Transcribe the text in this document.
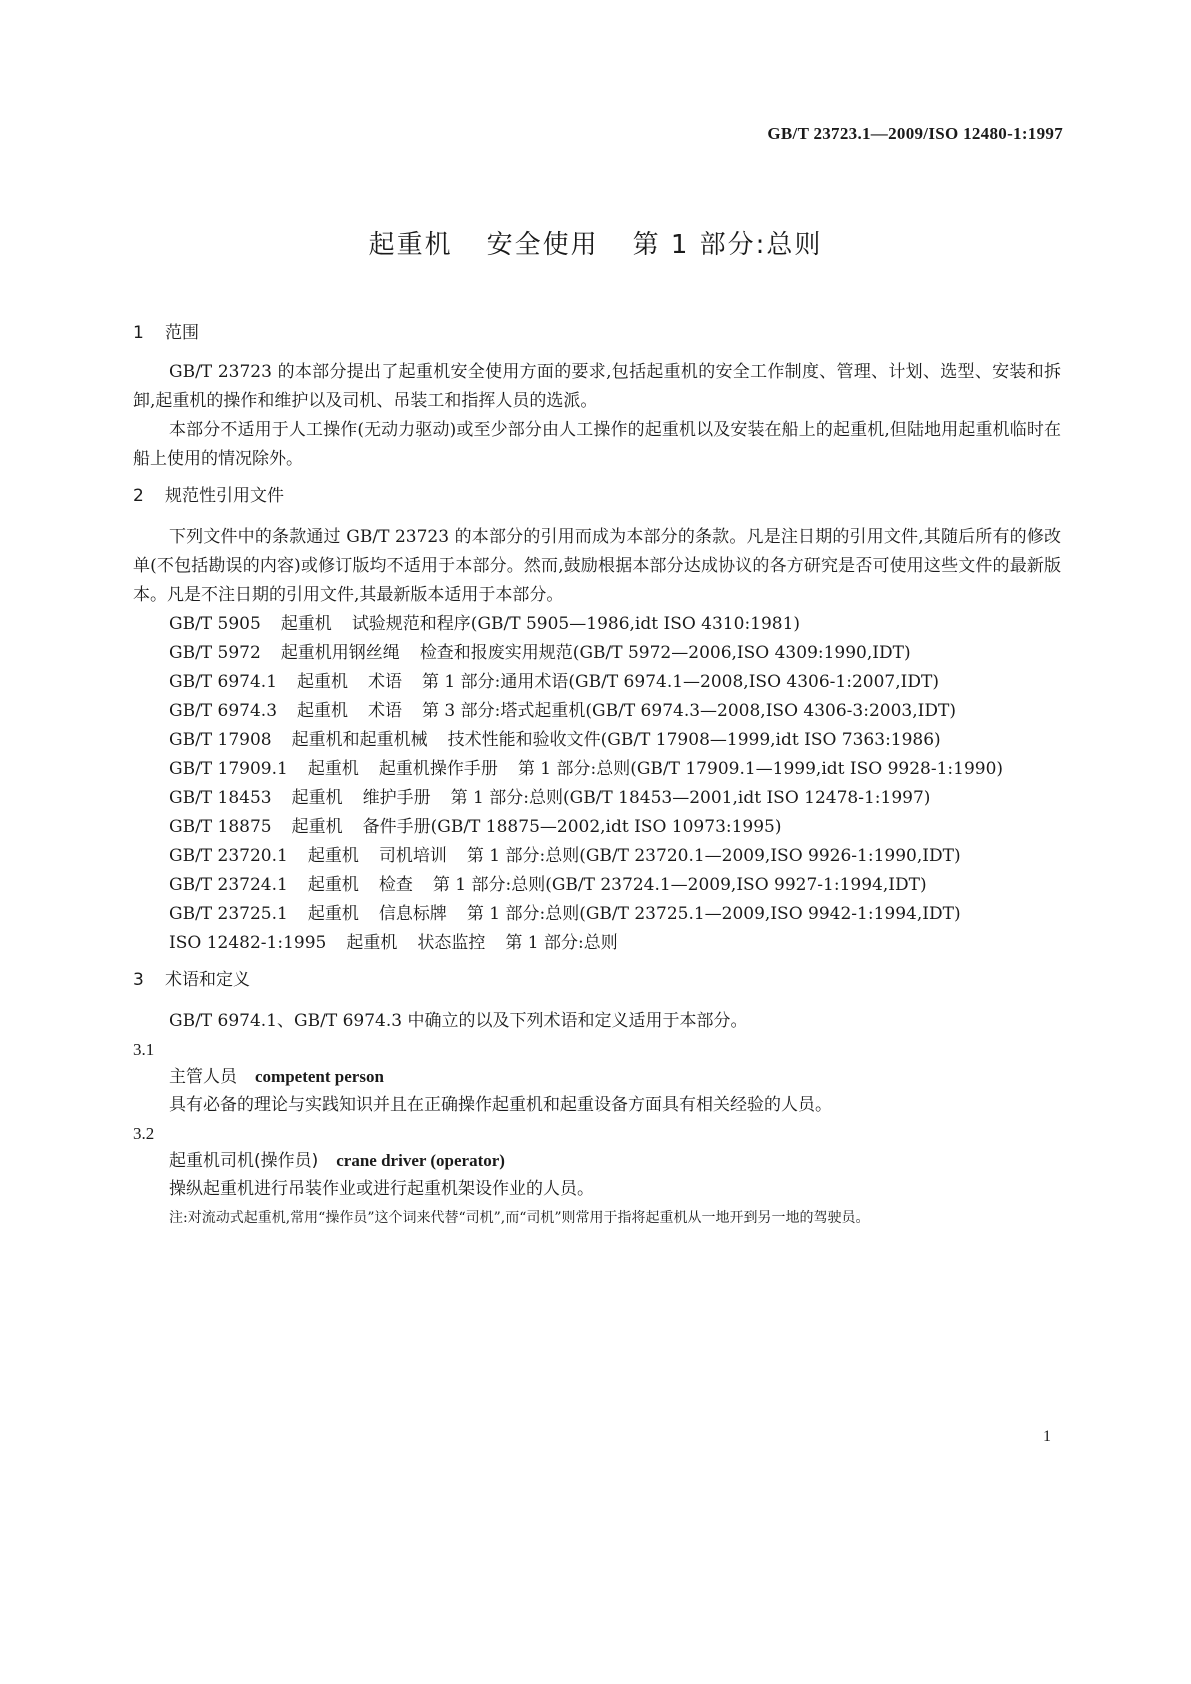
GB/T 23723.1—2009/ISO 12480-1:1997
起重机 安全使用 第 1 部分:总则

1 范围

GB/T 23723 的本部分提出了起重机安全使用方面的要求,包括起重机的安全工作制度、管理、计划、选型、安装和拆卸,起重机的操作和维护以及司机、吊装工和指挥人员的选派。

本部分不适用于人工操作(无动力驱动)或至少部分由人工操作的起重机以及安装在船上的起重机,但陆地用起重机临时在船上使用的情况除外。

2 规范性引用文件

下列文件中的条款通过 GB/T 23723 的本部分的引用而成为本部分的条款。凡是注日期的引用文件,其随后所有的修改单(不包括勘误的内容)或修订版均不适用于本部分。然而,鼓励根据本部分达成协议的各方研究是否可使用这些文件的最新版本。凡是不注日期的引用文件,其最新版本适用于本部分。

GB/T 5905 起重机 试验规范和程序(GB/T 5905—1986,idt ISO 4310:1981)

GB/T 5972 起重机用钢丝绳 检查和报废实用规范(GB/T 5972—2006,ISO 4309:1990,IDT)

GB/T 6974.1 起重机 术语 第 1 部分:通用术语(GB/T 6974.1—2008,ISO 4306-1:2007,IDT)

GB/T 6974.3 起重机 术语 第 3 部分:塔式起重机(GB/T 6974.3—2008,ISO 4306-3:2003,IDT)

GB/T 17908 起重机和起重机械 技术性能和验收文件(GB/T 17908—1999,idt ISO 7363:1986)

GB/T 17909.1 起重机 起重机操作手册 第 1 部分:总则(GB/T 17909.1—1999,idt ISO 9928-1:1990)

GB/T 18453 起重机 维护手册 第 1 部分:总则(GB/T 18453—2001,idt ISO 12478-1:1997)

GB/T 18875 起重机 备件手册(GB/T 18875—2002,idt ISO 10973:1995)

GB/T 23720.1 起重机 司机培训 第 1 部分:总则(GB/T 23720.1—2009,ISO 9926-1:1990,IDT)

GB/T 23724.1 起重机 检查 第 1 部分:总则(GB/T 23724.1—2009,ISO 9927-1:1994,IDT)

GB/T 23725.1 起重机 信息标牌 第 1 部分:总则(GB/T 23725.1—2009,ISO 9942-1:1994,IDT)

ISO 12482-1:1995 起重机 状态监控 第 1 部分:总则

3 术语和定义

GB/T 6974.1、GB/T 6974.3 中确立的以及下列术语和定义适用于本部分。

3.1

主管人员 competent person

具有必备的理论与实践知识并且在正确操作起重机和起重设备方面具有相关经验的人员。

3.2

起重机司机(操作员) crane driver (operator)

操纵起重机进行吊装作业或进行起重机架设作业的人员。

注:对流动式起重机,常用“操作员”这个词来代替“司机”,而“司机”则常用于指将起重机从一地开到另一地的驾驶员。

1
